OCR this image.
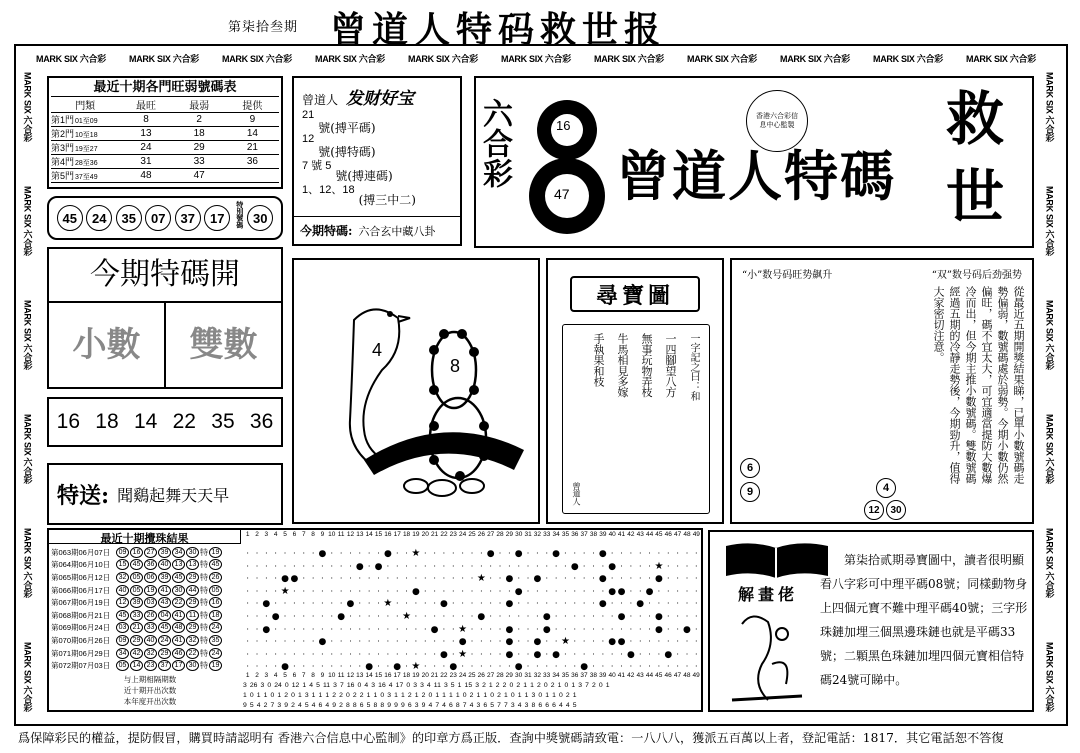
第柒拾叁期 曾道人特码救世报
MARK SIX 六合彩	MARK SIX 六合彩	MARK SIX 六合彩	MARK SIX 六合彩	MARK SIX 六合彩	MARK SIX 六合彩	MARK SIX 六合彩	MARK SIX 六合彩	MARK SIX 六合彩	MARK SIX 六合彩	MARK SIX 六合彩
MARK SIX 六合彩
MARK SIX 六合彩
MARK SIX 六合彩
MARK SIX 六合彩
MARK SIX 六合彩
MARK SIX 六合彩
MARK SIX 六合彩
MARK SIX 六合彩
MARK SIX 六合彩
MARK SIX 六合彩
MARK SIX 六合彩
MARK SIX 六合彩
最近十期各門旺弱號碼表
門類	最旺	最弱	提供
第1門01至09	8	2	9
第2門10至18	13	18	14
第3門19至27	24	29	21
第4門28至36	31	33	36
第5門37至49	48	47	
45	24	35	07	37	17	特別號碼 30
今期特碼開
小數	雙數
16 18 14 22 35 36
特送: 聞鷄起舞天天早
曾道人 发财好宝
21
號(搏平碼)
12
號(搏特碼)
7 號 5
號(搏連碼)
1、12、18
(搏三中二)
今期特碼: 六合玄中藏八卦
六合彩	16
47 曾道人特碼
香港六合彩信息中心監製	救
世
4
8
尋寶圖
一字記之曰：和
一四腳望八方
無事玩物弄枝
牛馬相見多嫁
手執果和枝
曾道人
“小”数号码旺势飙升	“双”数号码后劲强势
從最近五期開獎結果睇，已單小數號碼走勢偏弱，數號碼處於弱勢。今期小數仍然偏旺，碼不宜太大，可宜適當提防大數爆冷而出，但今期主推小數號碼。雙數號碼經過五期的冷靜走勢後，今期勁升，值得大家密切注意。
6
9	4
12	30
最近十期攪珠結果
第063期06月07日	09 16 27 39 34 30 特 19
第064期06月10日	15 45 36 40 13 13 特 45
第065期06月12日	32 05 06 39 45 29 特 26
第066期06月17日	40 05 19 41 30 44 特 05
第067期06月19日	12 39 03 43 22 29 特 16
第068期06月21日	45 33 26 04 41 11 特 18
第069期06月24日	03 21 33 45 48 29 特 24
第070期06月26日	09 29 40 24 41 32 特 35
第071期06月29日	34 42 32 29 46 22 特 24
第072期07月03日	05 14 23 37 17 30 特 19
与上期相隔期数
近十期开出次数
本年度开出次数
1 2 3 4 5 6 7 8 9 10 11 12 13 14 15 16 17 18 19 20 21 22 23 24 25 26 27 28 29 30 31 32 33 34 35 36 37 38 39 40 41 42 43 44 45 46 47 48 49
· · · · · · · · ● · · · · · · ● · · ★ · · · · · · · ● · · ● · · · ● · · · · ● · · · · · · · · · ·
· · · · · · · · · · · · ● · ● · · · · · · · · · · · · · · · · · · · · ● · · · ● · · · · ★ · · · ·
· · · · ● ● · · · · · · · · · · · · · · · · · · · ★ · · ● · · ● · · · · · · ● · · · · · ● · · · ·
· · · · ★ · · · · · · · · · · · · · ● · · · · · · · · · · ● · · · · · · · · · ● ● · · ● · · · · ·
· · ● · · · · · · · · ● · · · ★ · · · · · ● · · · · · · ● · · · · · · · · · ● · · · ● · · · · · ·
· · · ● · · · · · · ● · · · · · · ★ · · · · · · · ● · · · · · · ● · · · · · · · ● · · · ● · · · ·
· · ● · · · · · · · · · · · · · · · · · ● · · ★ · · · · ● · · · ● · · · · · · · · · · · ● · · ● ·
· · · · · · · · ● · · · · · · · · · · · · · · ● · · · · ● · · ● · · ★ · · · · ● ● · · · · · · · ·
· · · · · · · · · · · · · · · · · · · · · ● · ★ · · · · ● · · ● · ● · · · · · · · ● · · · ● · · ·
· · · · ● · · · · · · · · ● · · ● · ★ · · · ● · · · · · · ● · · · · · · ● · · · · · · · · · · · ·
1 2 3 4 5 6 7 8 9 10 11 12 13 14 15 16 17 18 19 20 21 22 23 24 25 26 27 28 29 30 31 32 33 34 35 36 37 38 39 40 41 42 43 44 45 46 47 48 49
3 26 3 0 24 0 12 1 4 5 11 3 7 16 0 4 3 16 4 17 0 3 3 4 11 3 5 1 15 3 2 1 2 2 0 2 1 1 2 0 2 1 0 1 3 7 2 0 1
1 0 1 1 0 1 2 0 1 3 1 1 1 2 2 0 2 2 1 1 0 3 1 1 2 1 2 0 1 1 1 1 0 2 1 1 0 2 1 0 1 1 3 0 1 1 0 2 1
9 5 4 2 7 3 9 2 4 5 4 6 4 9 2 8 8 6 5 8 8 9 9 9 6 3 9 4 7 4 6 8 7 4 3 6 5 7 7 3 4 3 8 6 6 6 4 4 5
解畫佬
第柒拾贰期尋寶圖中，讀者很明顯看八字彩可中理平碼08號；同樣動物身上四個元寶不難中理平碼40號；三字形珠鏈加埋三個黑邊珠鏈也就是平碼33號；二顆黑色珠鏈加埋四個元寶相信特碼24號可睇中。
爲保障彩民的權益，提防假冒，購買時請認明有 香港六合信息中心監制》的印章方爲正版．查詢中獎號碼請致電：一八八八，獲派五百萬以上者，登記電話：1817．其它電話恕不答復
